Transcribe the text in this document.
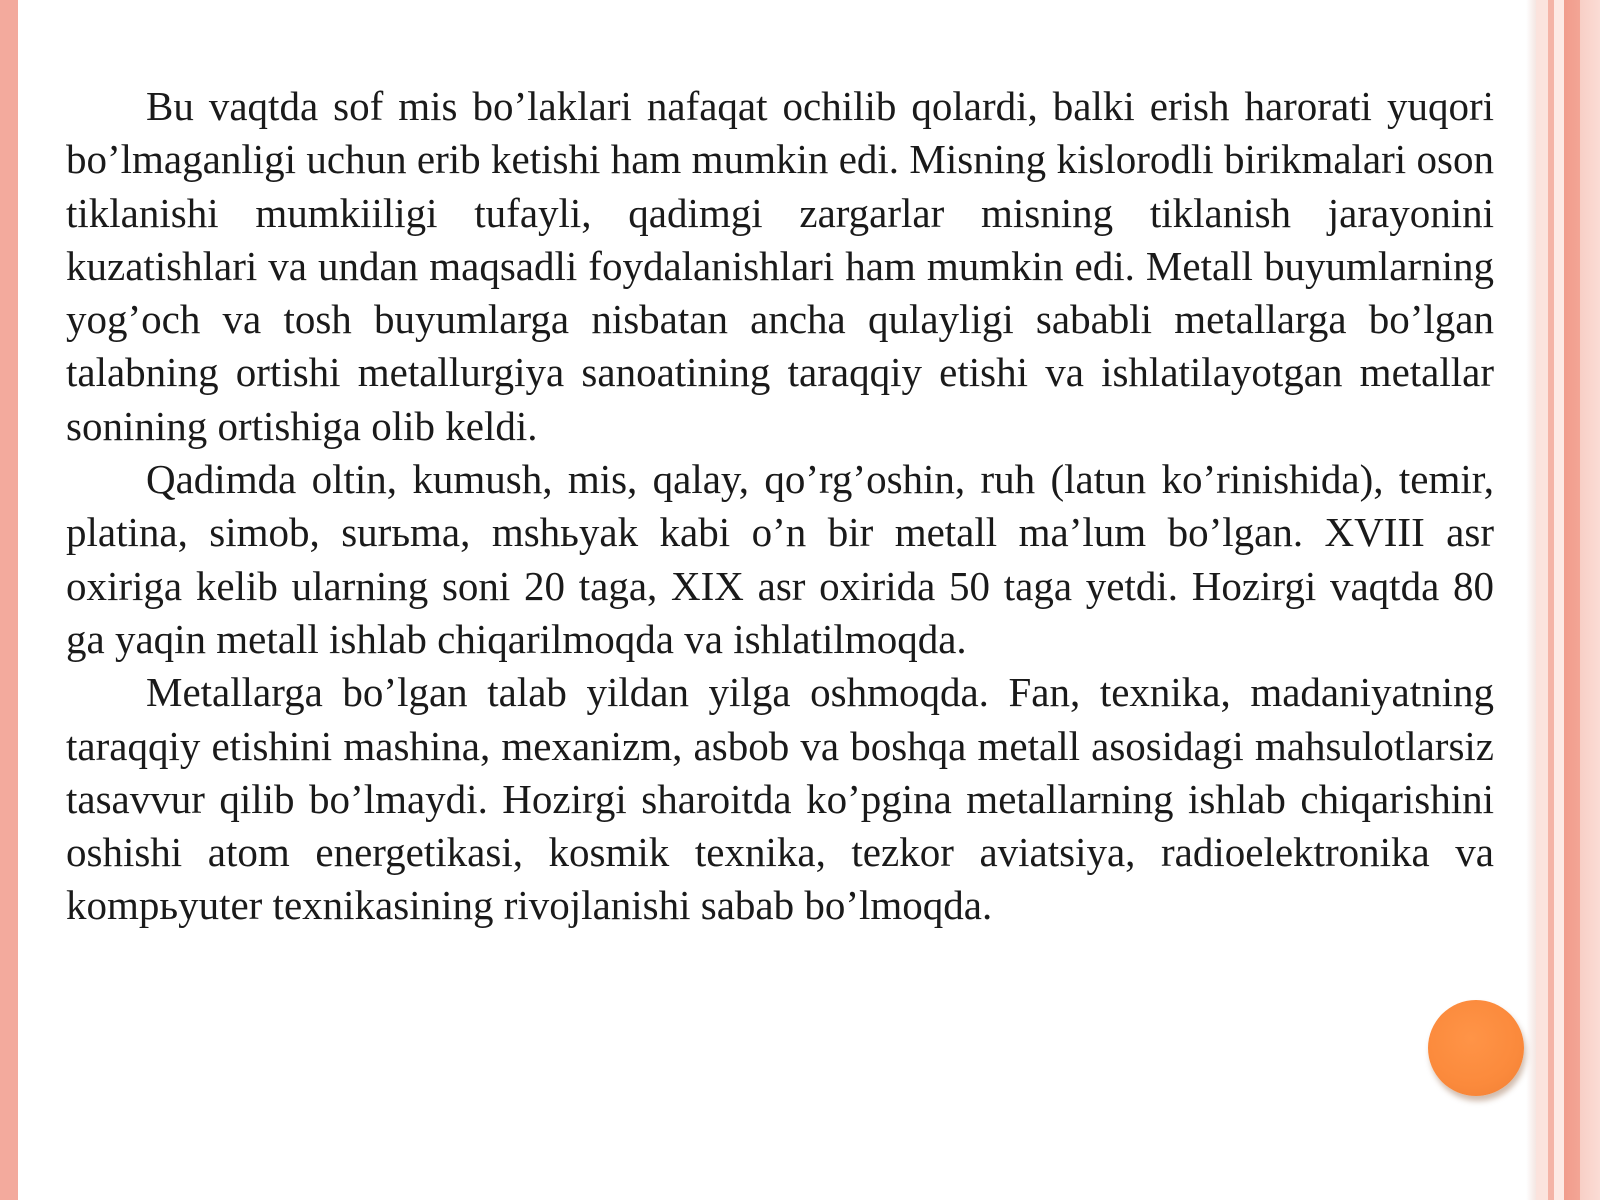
Bu vaqtda sof mis bo’laklari nafaqat ochilib qolardi, balki erish harorati yuqori bo’lmaganligi uchun erib ketishi ham mumkin edi. Misning kislorodli birikmalari oson tiklanishi mumkiiligi tufayli, qadimgi zargarlar misning tiklanish jarayonini kuzatishlari va undan maqsadli foydalanishlari ham mumkin edi. Metall buyumlarning yog’och va tosh buyumlarga nisbatan ancha qulayligi sababli metallarga bo’lgan talabning ortishi metallurgiya sanoatining taraqqiy etishi va ishlatilayotgan metallar sonining ortishiga olib keldi.

Qadimda oltin, kumush, mis, qalay, qo’rg’oshin, ruh (latun ko’rinishida), temir, platina, simob, surьma, mshьyak kabi o’n bir metall ma’lum bo’lgan. XVIII asr oxiriga kelib ularning soni 20 taga, XIX asr oxirida 50 taga yetdi. Hozirgi vaqtda 80 ga yaqin metall ishlab chiqarilmoqda va ishlatilmoqda.

Metallarga bo’lgan talab yildan yilga oshmoqda. Fan, texnika, madaniyatning taraqqiy etishini mashina, mexanizm, asbob va boshqa metall asosidagi mahsulotlarsiz tasavvur qilib bo’lmaydi. Hozirgi sharoitda ko’pgina metallarning ishlab chiqarishini oshishi atom energetikasi, kosmik texnika, tezkor aviatsiya, radioelektronika va kompьyuter texnikasining rivojlanishi sabab bo’lmoqda.
